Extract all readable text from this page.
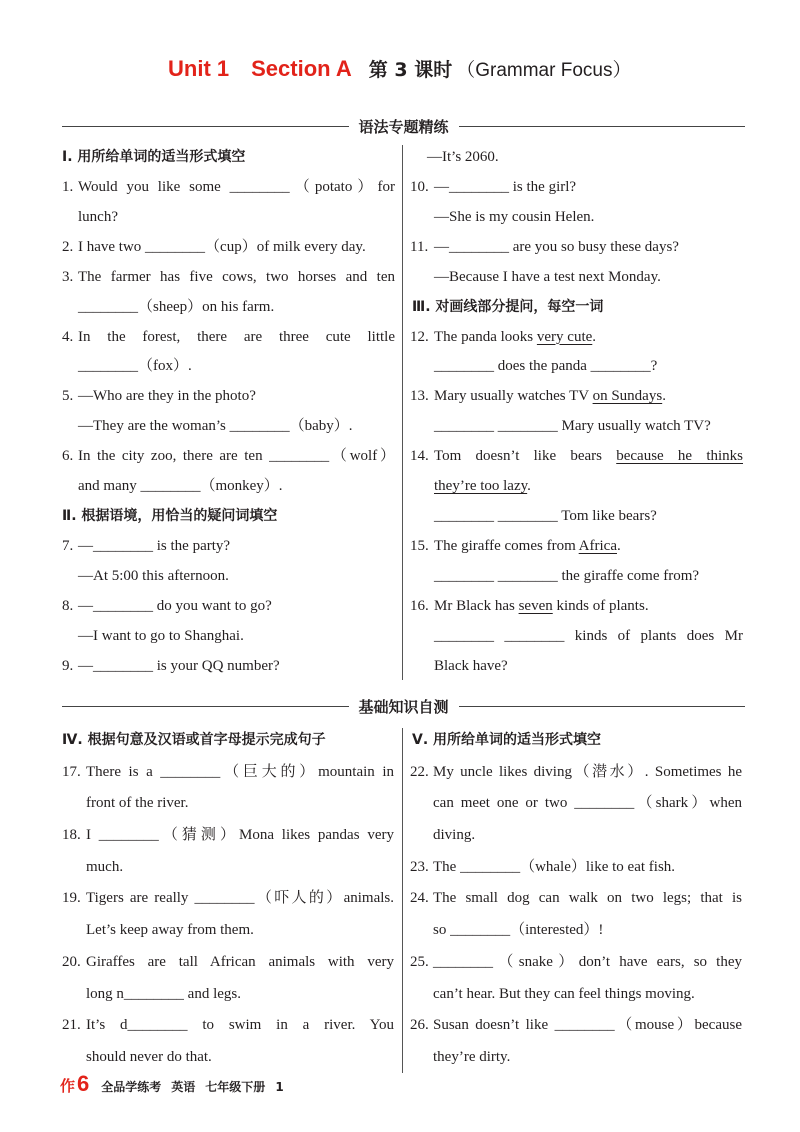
Unit 1 Section A 第 3 课时 （Grammar Focus）
语法专题精练
Ⅰ. 用所给单词的适当形式填空
1. Would you like some ________（potato）for
lunch?
2. I have two ________（cup）of milk every day.
3. The farmer has five cows, two horses and ten
________（sheep）on his farm.
4. In the forest, there are three cute little
________（fox）.
5. —Who are they in the photo?
—They are the woman’s ________（baby）.
6. In the city zoo, there are ten ________（wolf）
and many ________（monkey）.
Ⅱ. 根据语境，用恰当的疑问词填空
7. —________ is the party?
—At 5:00 this afternoon.
8. —________ do you want to go?
—I want to go to Shanghai.
9. —________ is your QQ number?
—It’s 2060.
10. —________ is the girl?
—She is my cousin Helen.
11. —________ are you so busy these days?
—Because I have a test next Monday.
Ⅲ. 对画线部分提问，每空一词
12. The panda looks very cute.
________ does the panda ________?
13. Mary usually watches TV on Sundays.
________ ________ Mary usually watch TV?
14. Tom doesn’t like bears because he thinks
they’re too lazy.
________ ________ Tom like bears?
15. The giraffe comes from Africa.
________ ________ the giraffe come from?
16. Mr Black has seven kinds of plants.
________ ________ kinds of plants does Mr
Black have?
基础知识自测
Ⅳ. 根据句意及汉语或首字母提示完成句子
17. There is a ________（巨大的）mountain in
front of the river.
18. I ________（猜测）Mona likes pandas very
much.
19. Tigers are really ________（吓人的）animals.
Let’s keep away from them.
20. Giraffes are tall African animals with very
long n________ and legs.
21. It’s d________ to swim in a river. You
should never do that.
Ⅴ. 用所给单词的适当形式填空
22. My uncle likes diving（潜水）. Sometimes he
can meet one or two ________（shark）when
diving.
23. The ________（whale）like to eat fish.
24. The small dog can walk on two legs; that is
so ________（interested）!
25. ________（snake）don’t have ears, so they
can’t hear. But they can feel things moving.
26. Susan doesn’t like ________（mouse）because
they’re dirty.
作 6 全品学练考 英语 七年级下册 1
